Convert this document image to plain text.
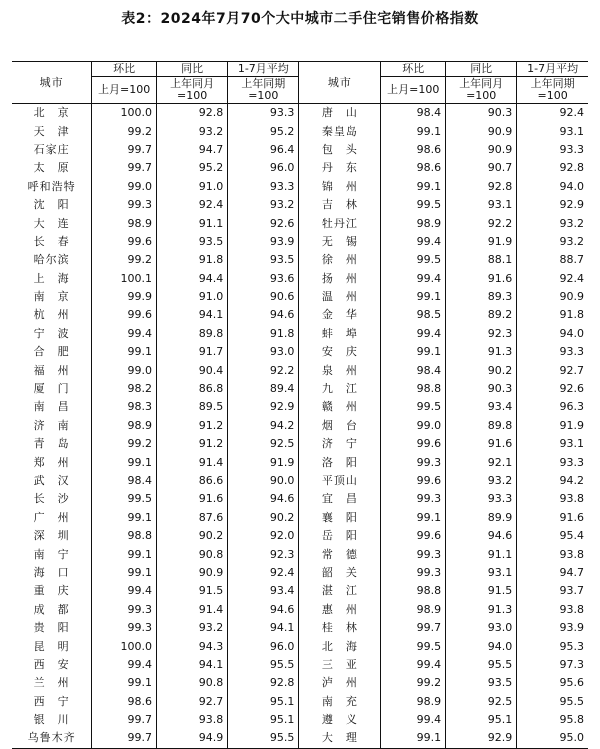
表2：2024年7月70个大中城市二手住宅销售价格指数
城市	环比	同比	1-7月平均	城市	环比	同比	1-7月平均
	上月=100	上年同月=100	上年同期=100		上月=100	上年同月=100	上年同期=100
北　京	100.0	92.8	93.3	唐　山	98.4	90.3	92.4
天　津	99.2	93.2	95.2	秦皇岛	99.1	90.9	93.1
石家庄	99.7	94.7	96.4	包　头	98.6	90.9	93.3
太　原	99.7	95.2	96.0	丹　东	98.6	90.7	92.8
呼和浩特	99.0	91.0	93.3	锦　州	99.1	92.8	94.0
沈　阳	99.3	92.4	93.2	吉　林	99.5	93.1	92.9
大　连	98.9	91.1	92.6	牡丹江	98.9	92.2	93.2
长　春	99.6	93.5	93.9	无　锡	99.4	91.9	93.2
哈尔滨	99.2	91.8	93.5	徐　州	99.5	88.1	88.7
上　海	100.1	94.4	93.6	扬　州	99.4	91.6	92.4
南　京	99.9	91.0	90.6	温　州	99.1	89.3	90.9
杭　州	99.6	94.1	94.6	金　华	98.5	89.2	91.8
宁　波	99.4	89.8	91.8	蚌　埠	99.4	92.3	94.0
合　肥	99.1	91.7	93.0	安　庆	99.1	91.3	93.3
福　州	99.0	90.4	92.2	泉　州	98.4	90.2	92.7
厦　门	98.2	86.8	89.4	九　江	98.8	90.3	92.6
南　昌	98.3	89.5	92.9	赣　州	99.5	93.4	96.3
济　南	98.9	91.2	94.2	烟　台	99.0	89.8	91.9
青　岛	99.2	91.2	92.5	济　宁	99.6	91.6	93.1
郑　州	99.1	91.4	91.9	洛　阳	99.3	92.1	93.3
武　汉	98.4	86.6	90.0	平顶山	99.6	93.2	94.2
长　沙	99.5	91.6	94.6	宜　昌	99.3	93.3	93.8
广　州	99.1	87.6	90.2	襄　阳	99.1	89.9	91.6
深　圳	98.8	90.2	92.0	岳　阳	99.6	94.6	95.4
南　宁	99.1	90.8	92.3	常　德	99.3	91.1	93.8
海　口	99.1	90.9	92.4	韶　关	99.3	93.1	94.7
重　庆	99.4	91.5	93.4	湛　江	98.8	91.5	93.7
成　都	99.3	91.4	94.6	惠　州	98.9	91.3	93.8
贵　阳	99.3	93.2	94.1	桂　林	99.7	93.0	93.9
昆　明	100.0	94.3	96.0	北　海	99.5	94.0	95.3
西　安	99.4	94.1	95.5	三　亚	99.4	95.5	97.3
兰　州	99.1	90.8	92.8	泸　州	99.2	93.5	95.6
西　宁	98.6	92.7	95.1	南　充	98.9	92.5	95.5
银　川	99.7	93.8	95.1	遵　义	99.4	95.1	95.8
乌鲁木齐	99.7	94.9	95.5	大　理	99.1	92.9	95.0
